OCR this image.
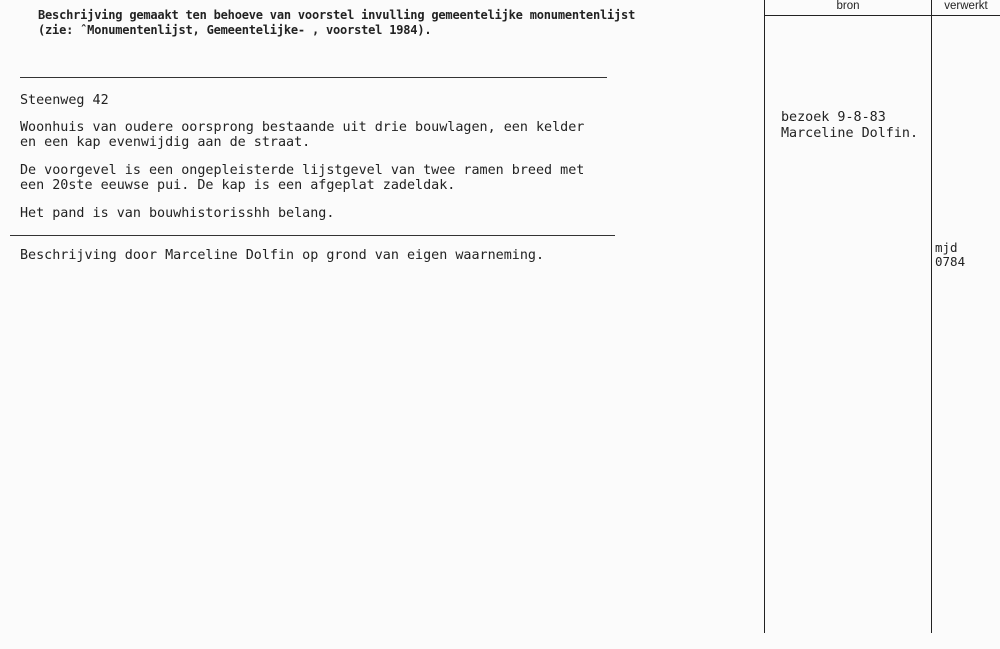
Beschrijving gemaakt ten behoeve van voorstel invulling gemeentelijke monumentenlijst
(zie: ˆMonumentenlijst, Gemeentelijke- , voorstel 1984).
Steenweg 42
Woonhuis van oudere oorsprong bestaande uit drie bouwlagen, een kelder
en een kap evenwijdig aan de straat.
De voorgevel is een ongepleisterde lijstgevel van twee ramen breed met
een 20ste eeuwse pui. De kap is een afgeplat zadeldak.
Het pand is van bouwhistorisshh belang.
Beschrijving door Marceline Dolfin op grond van eigen waarneming.
bron	verwerkt
bezoek 9-8-83
Marceline Dolfin.
mjd
0784
